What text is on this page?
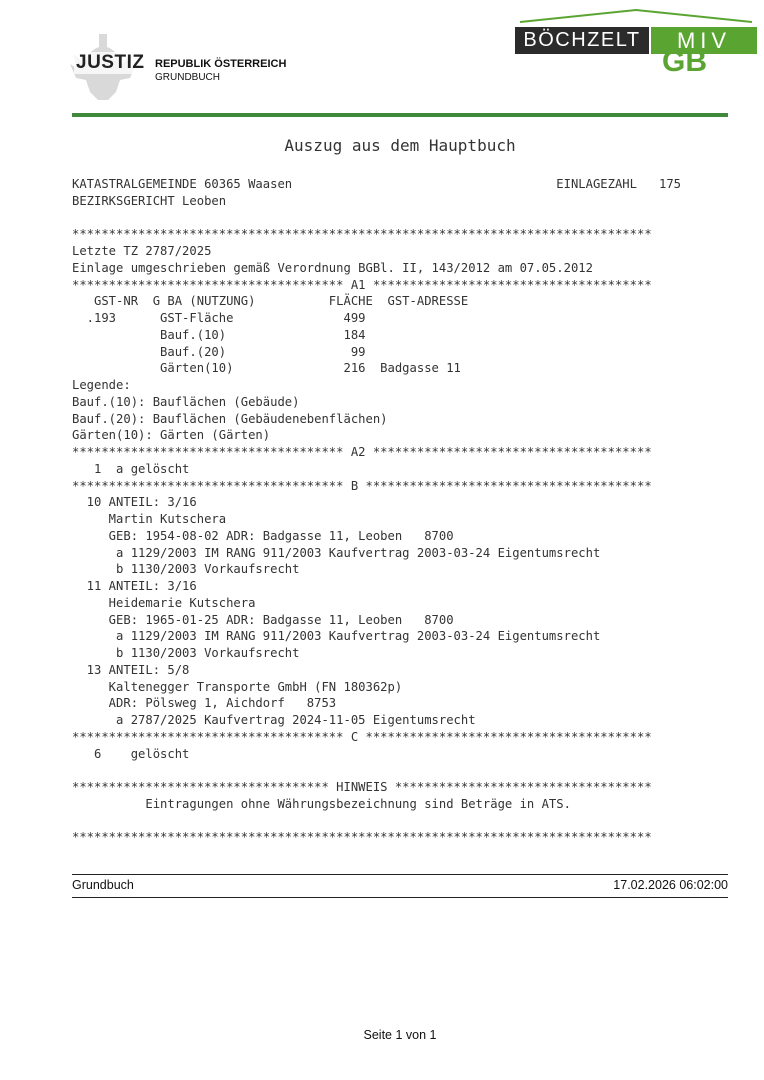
JUSTIZ REPUBLIK ÖSTERREICH
GRUNDBUCH	GB
BÖCHZELT	MIV
Auszug aus dem Hauptbuch
KATASTRALGEMEINDE 60365 Waasen                                    EINLAGEZAHL   175
BEZIRKSGERICHT Leoben
*******************************************************************************
Letzte TZ 2787/2025
Einlage umgeschrieben gemäß Verordnung BGBl. II, 143/2012 am 07.05.2012
************************************* A1 **************************************
GST-NR  G BA (NUTZUNG)          FLÄCHE  GST-ADRESSE
.193      GST-Fläche               499
Bauf.(10)                184
Bauf.(20)                 99
Gärten(10)               216  Badgasse 11
Legende:
Bauf.(10): Bauflächen (Gebäude)
Bauf.(20): Bauflächen (Gebäudenebenflächen)
Gärten(10): Gärten (Gärten)
************************************* A2 **************************************
1  a gelöscht
************************************* B ***************************************
10 ANTEIL: 3/16
Martin Kutschera
GEB: 1954-08-02 ADR: Badgasse 11, Leoben   8700
a 1129/2003 IM RANG 911/2003 Kaufvertrag 2003-03-24 Eigentumsrecht
b 1130/2003 Vorkaufsrecht
11 ANTEIL: 3/16
Heidemarie Kutschera
GEB: 1965-01-25 ADR: Badgasse 11, Leoben   8700
a 1129/2003 IM RANG 911/2003 Kaufvertrag 2003-03-24 Eigentumsrecht
b 1130/2003 Vorkaufsrecht
13 ANTEIL: 5/8
Kaltenegger Transporte GmbH (FN 180362p)
ADR: Pölsweg 1, Aichdorf   8753
a 2787/2025 Kaufvertrag 2024-11-05 Eigentumsrecht
************************************* C ***************************************
6    gelöscht
*********************************** HINWEIS ***********************************
Eintragungen ohne Währungsbezeichnung sind Beträge in ATS.
*******************************************************************************
Grundbuch	17.02.2026 06:02:00
Seite 1 von 1
